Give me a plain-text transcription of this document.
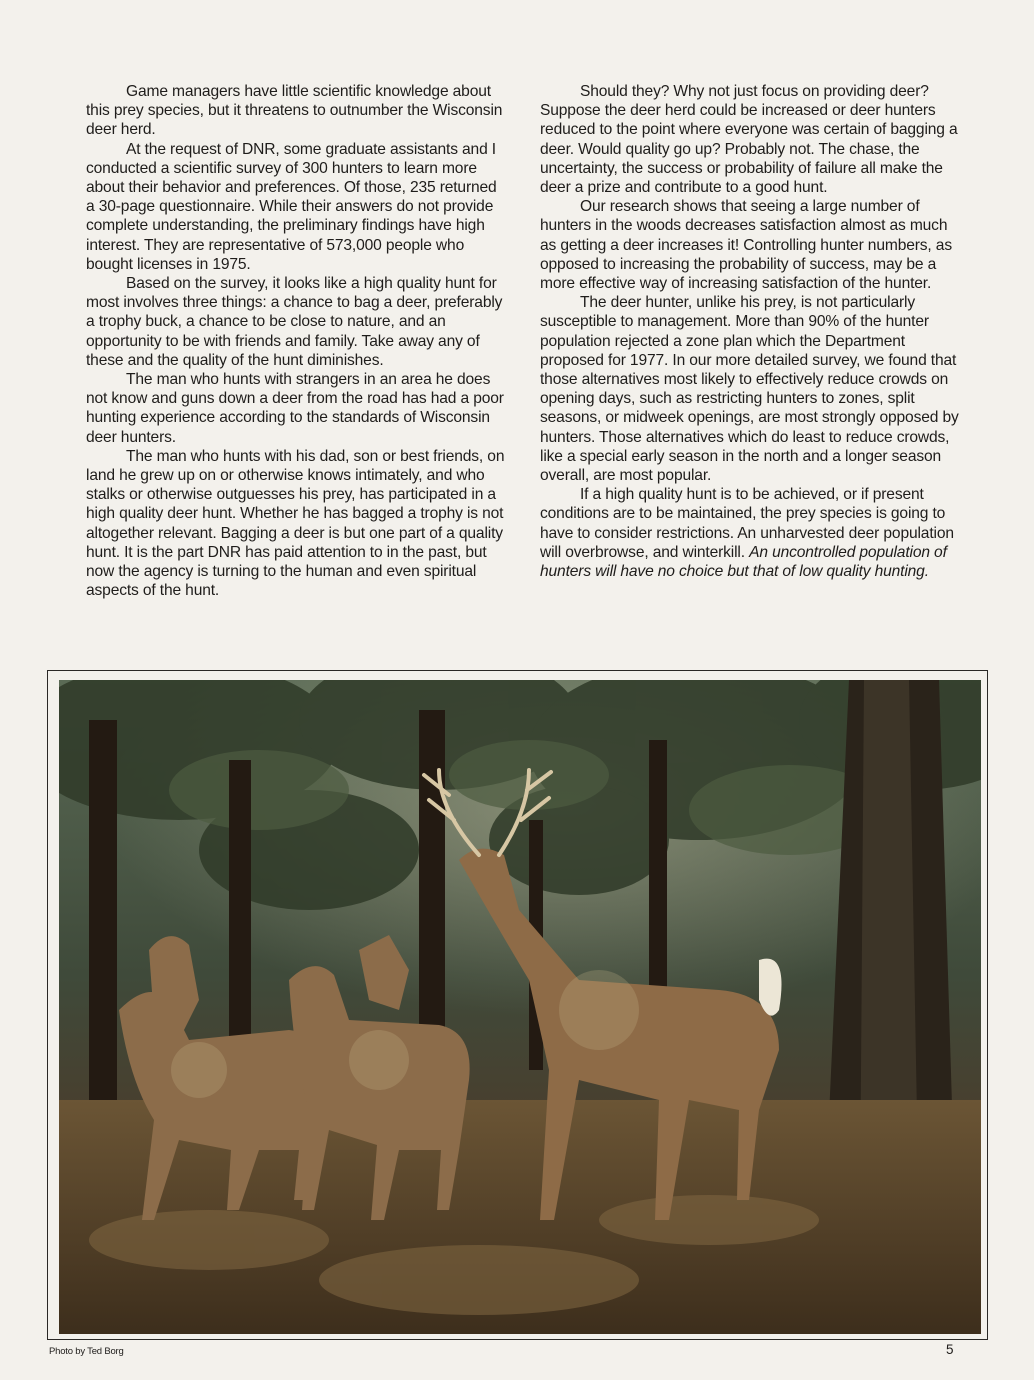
Game managers have little scientific knowledge about this prey species, but it threatens to outnumber the Wisconsin deer herd.

At the request of DNR, some graduate assistants and I conducted a scientific survey of 300 hunters to learn more about their behavior and preferences. Of those, 235 returned a 30-page questionnaire. While their answers do not provide complete understanding, the preliminary findings have high interest. They are representative of 573,000 people who bought licenses in 1975.

Based on the survey, it looks like a high quality hunt for most involves three things: a chance to bag a deer, preferably a trophy buck, a chance to be close to nature, and an opportunity to be with friends and family. Take away any of these and the quality of the hunt diminishes.

The man who hunts with strangers in an area he does not know and guns down a deer from the road has had a poor hunting experience according to the standards of Wisconsin deer hunters.

The man who hunts with his dad, son or best friends, on land he grew up on or otherwise knows intimately, and who stalks or otherwise outguesses his prey, has participated in a high quality deer hunt. Whether he has bagged a trophy is not altogether relevant. Bagging a deer is but one part of a quality hunt. It is the part DNR has paid attention to in the past, but now the agency is turning to the human and even spiritual aspects of the hunt.

Should they? Why not just focus on providing deer? Suppose the deer herd could be increased or deer hunters reduced to the point where everyone was certain of bagging a deer. Would quality go up? Probably not. The chase, the uncertainty, the success or probability of failure all make the deer a prize and contribute to a good hunt.

Our research shows that seeing a large number of hunters in the woods decreases satisfaction almost as much as getting a deer increases it! Controlling hunter numbers, as opposed to increasing the probability of success, may be a more effective way of increasing satisfaction of the hunter.

The deer hunter, unlike his prey, is not particularly susceptible to management. More than 90% of the hunter population rejected a zone plan which the Department proposed for 1977. In our more detailed survey, we found that those alternatives most likely to effectively reduce crowds on opening days, such as restricting hunters to zones, split seasons, or midweek openings, are most strongly opposed by hunters. Those alternatives which do least to reduce crowds, like a special early season in the north and a longer season overall, are most popular.

If a high quality hunt is to be achieved, or if present conditions are to be maintained, the prey species is going to have to consider restrictions. An unharvested deer population will overbrowse, and winterkill. An uncontrolled population of hunters will have no choice but that of low quality hunting.

Photo by Ted Borg	5
